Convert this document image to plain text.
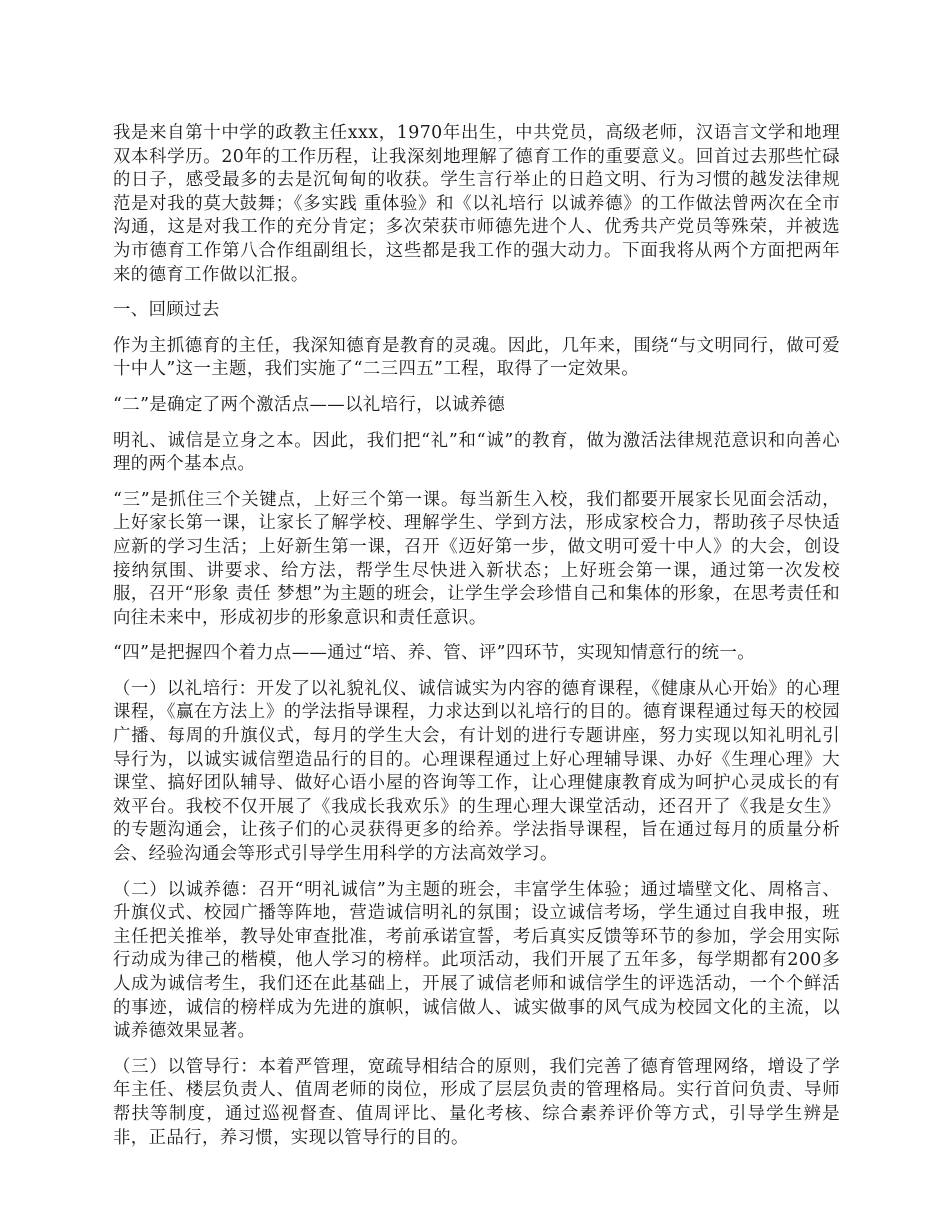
我是来自第十中学的政教主任xxx，1970年出生，中共党员，高级老师，汉语言文学和地理双本科学历。20年的工作历程，让我深刻地理解了德育工作的重要意义。回首过去那些忙碌的日子，感受最多的去是沉甸甸的收获。学生言行举止的日趋文明、行为习惯的越发法律规范是对我的莫大鼓舞；《多实践 重体验》和《以礼培行 以诚养德》的工作做法曾两次在全市沟通，这是对我工作的充分肯定；多次荣获市师德先进个人、优秀共产党员等殊荣，并被选为市德育工作第八合作组副组长，这些都是我工作的强大动力。下面我将从两个方面把两年来的德育工作做以汇报。

一、回顾过去

作为主抓德育的主任，我深知德育是教育的灵魂。因此，几年来，围绕“与文明同行，做可爱十中人”这一主题，我们实施了“二三四五”工程，取得了一定效果。

“二”是确定了两个激活点——以礼培行，以诚养德

明礼、诚信是立身之本。因此，我们把“礼”和“诚”的教育，做为激活法律规范意识和向善心理的两个基本点。

“三”是抓住三个关键点，上好三个第一课。每当新生入校，我们都要开展家长见面会活动，上好家长第一课，让家长了解学校、理解学生、学到方法，形成家校合力，帮助孩子尽快适应新的学习生活；上好新生第一课，召开《迈好第一步，做文明可爱十中人》的大会，创设接纳氛围、讲要求、给方法，帮学生尽快进入新状态；上好班会第一课，通过第一次发校服，召开“形象 责任 梦想”为主题的班会，让学生学会珍惜自己和集体的形象，在思考责任和向往未来中，形成初步的形象意识和责任意识。

“四”是把握四个着力点——通过“培、养、管、评”四环节，实现知情意行的统一。

（一）以礼培行：开发了以礼貌礼仪、诚信诚实为内容的德育课程，《健康从心开始》的心理课程，《赢在方法上》的学法指导课程，力求达到以礼培行的目的。德育课程通过每天的校园广播、每周的升旗仪式，每月的学生大会，有计划的进行专题讲座，努力实现以知礼明礼引导行为，以诚实诚信塑造品行的目的。心理课程通过上好心理辅导课、办好《生理心理》大课堂、搞好团队辅导、做好心语小屋的咨询等工作，让心理健康教育成为呵护心灵成长的有效平台。我校不仅开展了《我成长我欢乐》的生理心理大课堂活动，还召开了《我是女生》的专题沟通会，让孩子们的心灵获得更多的给养。学法指导课程，旨在通过每月的质量分析会、经验沟通会等形式引导学生用科学的方法高效学习。

（二）以诚养德：召开“明礼诚信”为主题的班会，丰富学生体验；通过墙壁文化、周格言、升旗仪式、校园广播等阵地，营造诚信明礼的氛围；设立诚信考场，学生通过自我申报，班主任把关推举，教导处审查批准，考前承诺宣誓，考后真实反馈等环节的参加，学会用实际行动成为律己的楷模，他人学习的榜样。此项活动，我们开展了五年多，每学期都有200多人成为诚信考生，我们还在此基础上，开展了诚信老师和诚信学生的评选活动，一个个鲜活的事迹，诚信的榜样成为先进的旗帜，诚信做人、诚实做事的风气成为校园文化的主流，以诚养德效果显著。

（三）以管导行：本着严管理，宽疏导相结合的原则，我们完善了德育管理网络，增设了学年主任、楼层负责人、值周老师的岗位，形成了层层负责的管理格局。实行首问负责、导师帮扶等制度，通过巡视督查、值周评比、量化考核、综合素养评价等方式，引导学生辨是非，正品行，养习惯，实现以管导行的目的。
